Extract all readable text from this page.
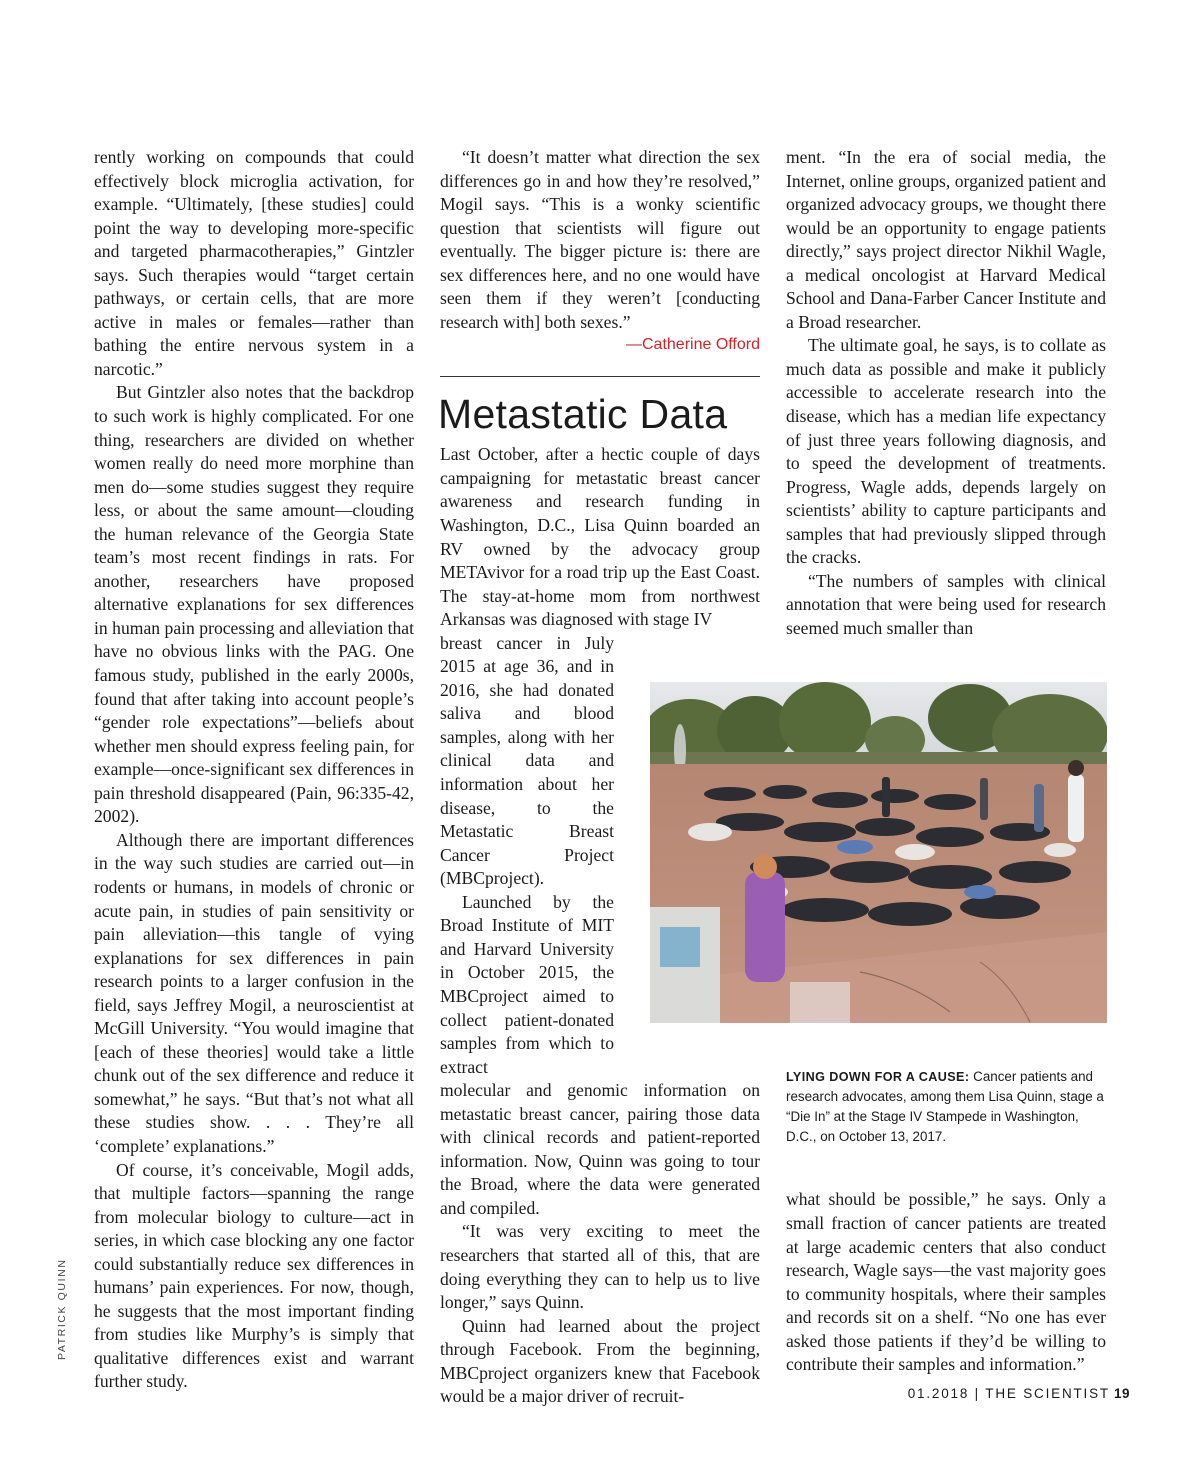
rently working on compounds that could effectively block microglia activation, for example. “Ultimately, [these studies] could point the way to developing more-specific and targeted pharmacotherapies,” Gintzler says. Such therapies would “target certain pathways, or certain cells, that are more active in males or females—rather than bathing the entire nervous system in a narcotic.”

But Gintzler also notes that the backdrop to such work is highly complicated. For one thing, researchers are divided on whether women really do need more morphine than men do—some studies suggest they require less, or about the same amount—clouding the human relevance of the Georgia State team’s most recent findings in rats. For another, researchers have proposed alternative explanations for sex differences in human pain processing and alleviation that have no obvious links with the PAG. One famous study, published in the early 2000s, found that after taking into account people’s “gender role expectations”—beliefs about whether men should express feeling pain, for example—once-significant sex differences in pain threshold disappeared (Pain, 96:335-42, 2002).

Although there are important differences in the way such studies are carried out—in rodents or humans, in models of chronic or acute pain, in studies of pain sensitivity or pain alleviation—this tangle of vying explanations for sex differences in pain research points to a larger confusion in the field, says Jeffrey Mogil, a neuroscientist at McGill University. “You would imagine that [each of these theories] would take a little chunk out of the sex difference and reduce it somewhat,” he says. “But that’s not what all these studies show. . . . They’re all ‘complete’ explanations.”

Of course, it’s conceivable, Mogil adds, that multiple factors—spanning the range from molecular biology to culture—act in series, in which case blocking any one factor could substantially reduce sex differences in humans’ pain experiences. For now, though, he suggests that the most important finding from studies like Murphy’s is simply that qualitative differences exist and warrant further study.

“It doesn’t matter what direction the sex differences go in and how they’re resolved,” Mogil says. “This is a wonky scientific question that scientists will figure out eventually. The bigger picture is: there are sex differences here, and no one would have seen them if they weren’t [conducting research with] both sexes.”

—Catherine Offord
Metastatic Data

Last October, after a hectic couple of days campaigning for metastatic breast cancer awareness and research funding in Washington, D.C., Lisa Quinn boarded an RV owned by the advocacy group METAvivor for a road trip up the East Coast. The stay-at-home mom from northwest Arkansas was diagnosed with stage IV

breast cancer in July 2015 at age 36, and in 2016, she had donated saliva and blood samples, along with her clinical data and information about her disease, to the Metastatic Breast Cancer Project (MBCproject).

Launched by the Broad Institute of MIT and Harvard University in October 2015, the MBCproject aimed to collect patient-donated samples from which to extract

molecular and genomic information on metastatic breast cancer, pairing those data with clinical records and patient-reported information. Now, Quinn was going to tour the Broad, where the data were generated and compiled.

“It was very exciting to meet the researchers that started all of this, that are doing everything they can to help us to live longer,” says Quinn.

Quinn had learned about the project through Facebook. From the beginning, MBCproject organizers knew that Facebook would be a major driver of recruit-

ment. “In the era of social media, the Internet, online groups, organized patient and organized advocacy groups, we thought there would be an opportunity to engage patients directly,” says project director Nikhil Wagle, a medical oncologist at Harvard Medical School and Dana-Farber Cancer Institute and a Broad researcher.

The ultimate goal, he says, is to collate as much data as possible and make it publicly accessible to accelerate research into the disease, which has a median life expectancy of just three years following diagnosis, and to speed the development of treatments. Progress, Wagle adds, depends largely on scientists’ ability to capture participants and samples that had previously slipped through the cracks.

“The numbers of samples with clinical annotation that were being used for research seemed much smaller than

what should be possible,” he says. Only a small fraction of cancer patients are treated at large academic centers that also conduct research, Wagle says—the vast majority goes to community hospitals, where their samples and records sit on a shelf. “No one has ever asked those patients if they’d be willing to contribute their samples and information.”

LYING DOWN FOR A CAUSE: Cancer patients and research advocates, among them Lisa Quinn, stage a “Die In” at the Stage IV Stampede in Washington, D.C., on October 13, 2017.
PATRICK QUINN
01.2018 | THE SCIENTIST 19
